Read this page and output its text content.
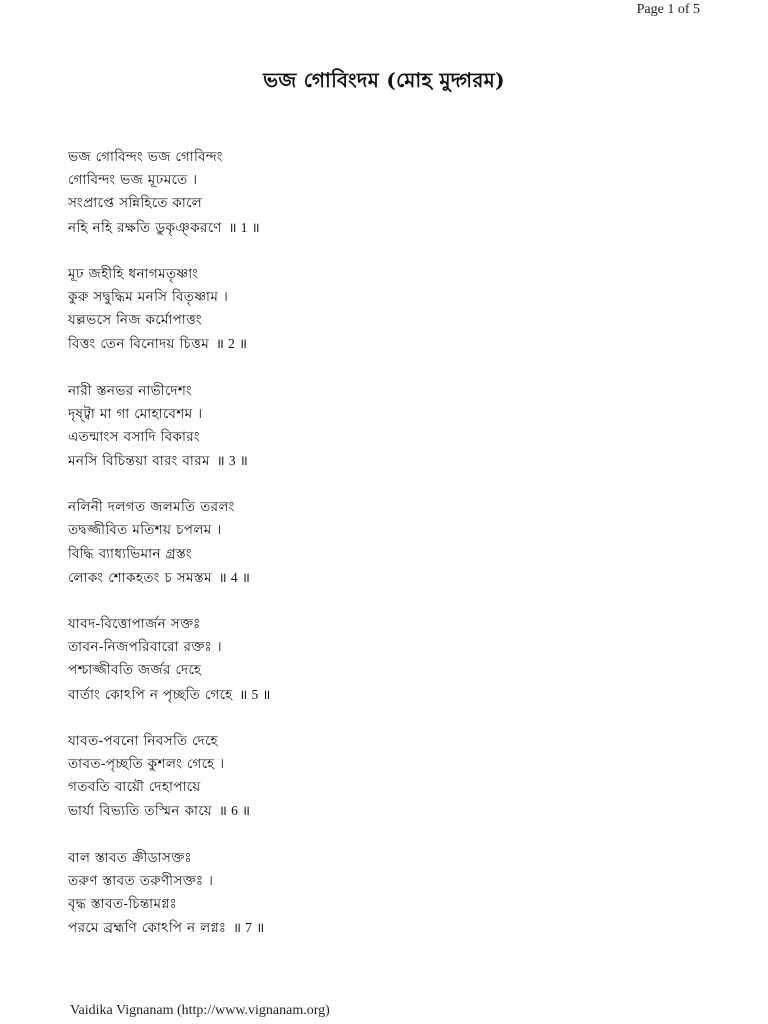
Page 1 of 5
ভজ গোবিংদম (মোহ মুদ্গরম)
ভজ গোবিন্দং ভজ গোবিন্দং
গোবিন্দং ভজ মূঢমতে ।
সংপ্রাপ্তে সন্নিহিতে কালে
নহি নহি রক্ষতি ডুকৃঞ্করণে ॥ 1 ॥
মূঢ জহীহি ধনাগমতৃষ্ণাং
কুরু সদ্বুদ্ধিম মনসি বিতৃষ্ণাম ।
যল্লভসে নিজ কর্মোপাত্তং
বিত্তং তেন বিনোদয় চিত্তম ॥ 2 ॥
নারী স্তনভর নাভীদেশং
দৃষ্ট্বা মা গা মোহাবেশম ।
এতন্মাংস বসাদি বিকারং
মনসি বিচিন্তয়া বারং বারম ॥ 3 ॥
নলিনী দলগত জলমতি তরলং
তদ্বজ্জীবিত মতিশয় চপলম ।
বিদ্ধি ব্যাধ্যভিমান গ্রস্তং
লোকং শোকহতং চ সমস্তম ॥ 4 ॥
যাবদ-বিত্তোপার্জন সক্তঃ
তাবন-নিজপরিবারো রক্তঃ ।
পশ্চাজ্জীবতি জর্জর দেহে
বার্তাং কো‌ঽপি ন পৃচ্ছতি গেহে ॥ 5 ॥
যাবত-পবনো নিবসতি দেহে
তাবত-পৃচ্ছতি কুশলং গেহে ।
গতবতি বায়ৌ দেহাপায়ে
ভার্যা বিভ্যতি তস্মিন কায়ে ॥ 6 ॥
বাল স্তাবত ক্রীডাসক্তঃ
তরুণ স্তাবত তরুণীসক্তঃ ।
বৃদ্ধ স্তাবত-চিন্তামগ্নঃ
পরমে ব্রহ্মণি কো‌ঽপি ন লগ্নঃ ॥ 7 ॥
Vaidika Vignanam (http://www.vignanam.org)
